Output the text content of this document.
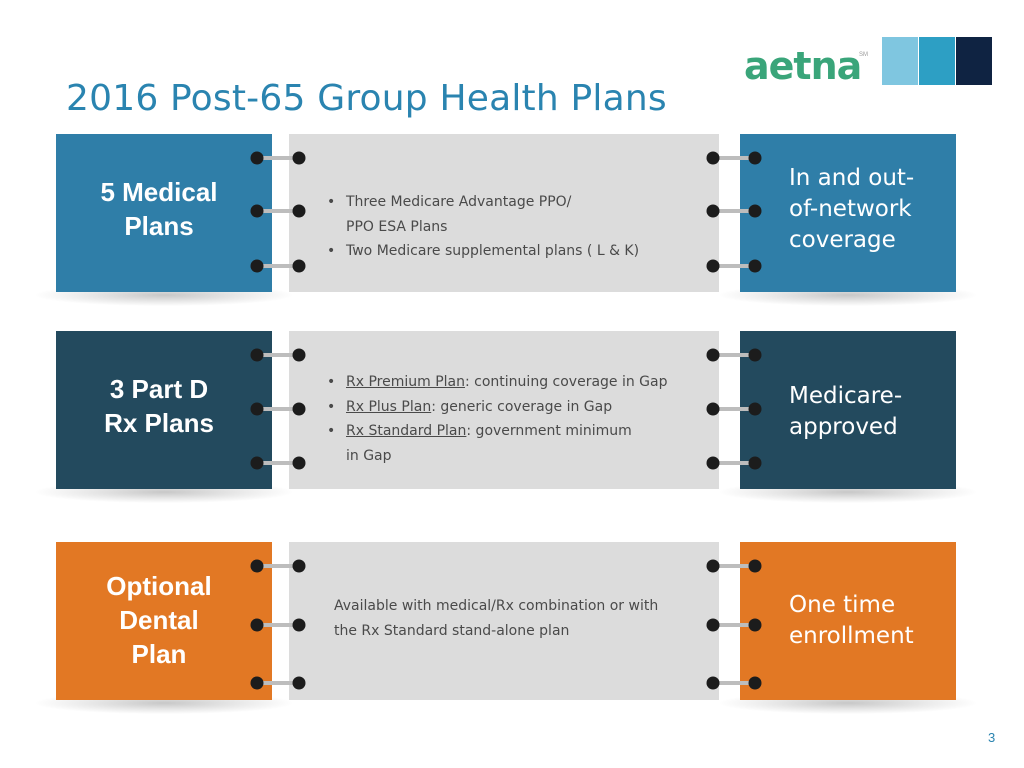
2016 Post-65 Group Health Plans
aetna
SM
5 Medical
Plans
• Three Medicare Advantage PPO/
PPO ESA Plans
• Two Medicare supplemental plans ( L & K)
In and out-
of-network
coverage
3 Part D
Rx Plans
• Rx Premium Plan: continuing coverage in Gap
• Rx Plus Plan: generic coverage in Gap
• Rx Standard Plan: government minimum
in Gap
Medicare-
approved
Optional
Dental
Plan

Available with medical/Rx combination or with
the Rx Standard stand-alone plan

One time
enrollment
3
